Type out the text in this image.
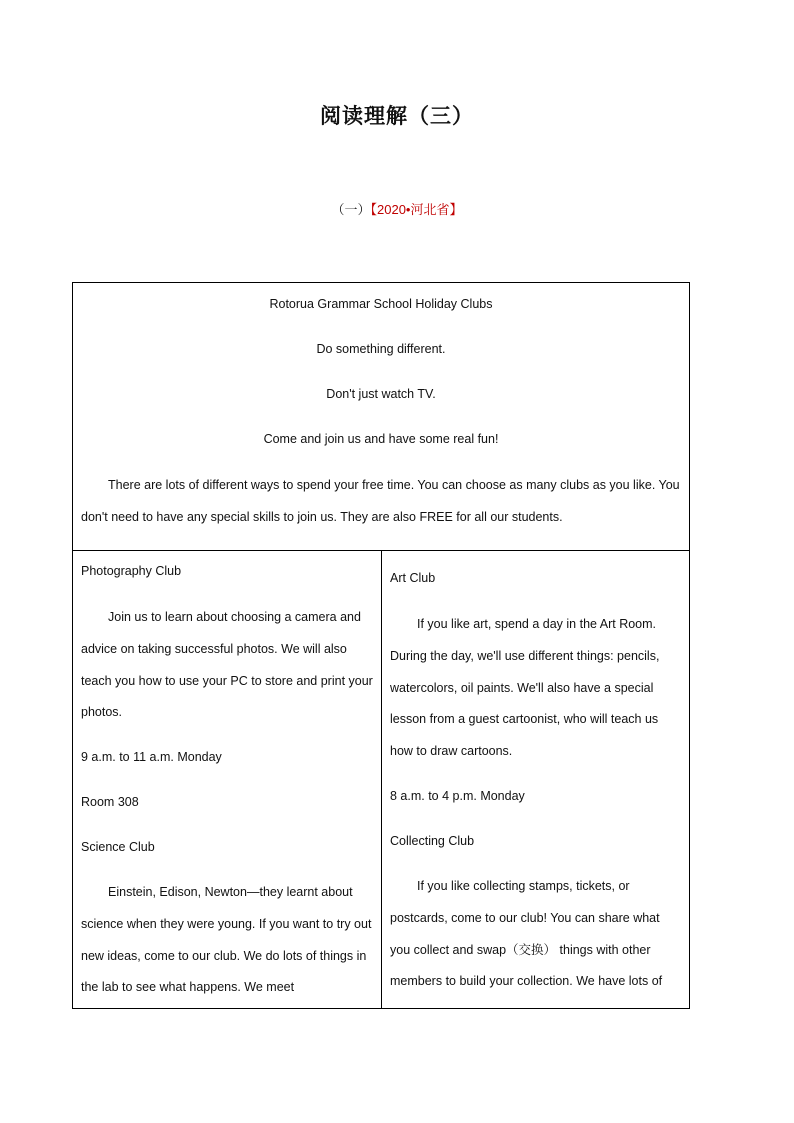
阅读理解（三）
（一）【2020•河北省】
Rotorua Grammar School Holiday Clubs
Do something different.
Don't just watch TV.
Come and join us and have some real fun!

There are lots of different ways to spend your free time. You can choose as many clubs as you like. You don't need to have any special skills to join us. They are also FREE for all our students.

Photography Club

Join us to learn about choosing a camera and advice on taking successful photos. We will also teach you how to use your PC to store and print your photos.

9 a.m. to 11 a.m. Monday
Room 308
Science Club

Einstein, Edison, Newton—they learnt about science when they were young. If you want to try out new ideas, come to our club. We do lots of things in the lab to see what happens. We meet

Art Club

If you like art, spend a day in the Art Room. During the day, we'll use different things: pencils, watercolors, oil paints. We'll also have a special lesson from a guest cartoonist, who will teach us how to draw cartoons.

8 a.m. to 4 p.m. Monday
Collecting Club

If you like collecting stamps, tickets, or postcards, come to our club! You can share what you collect and swap（交换） things with other members to build your collection. We have lots of
